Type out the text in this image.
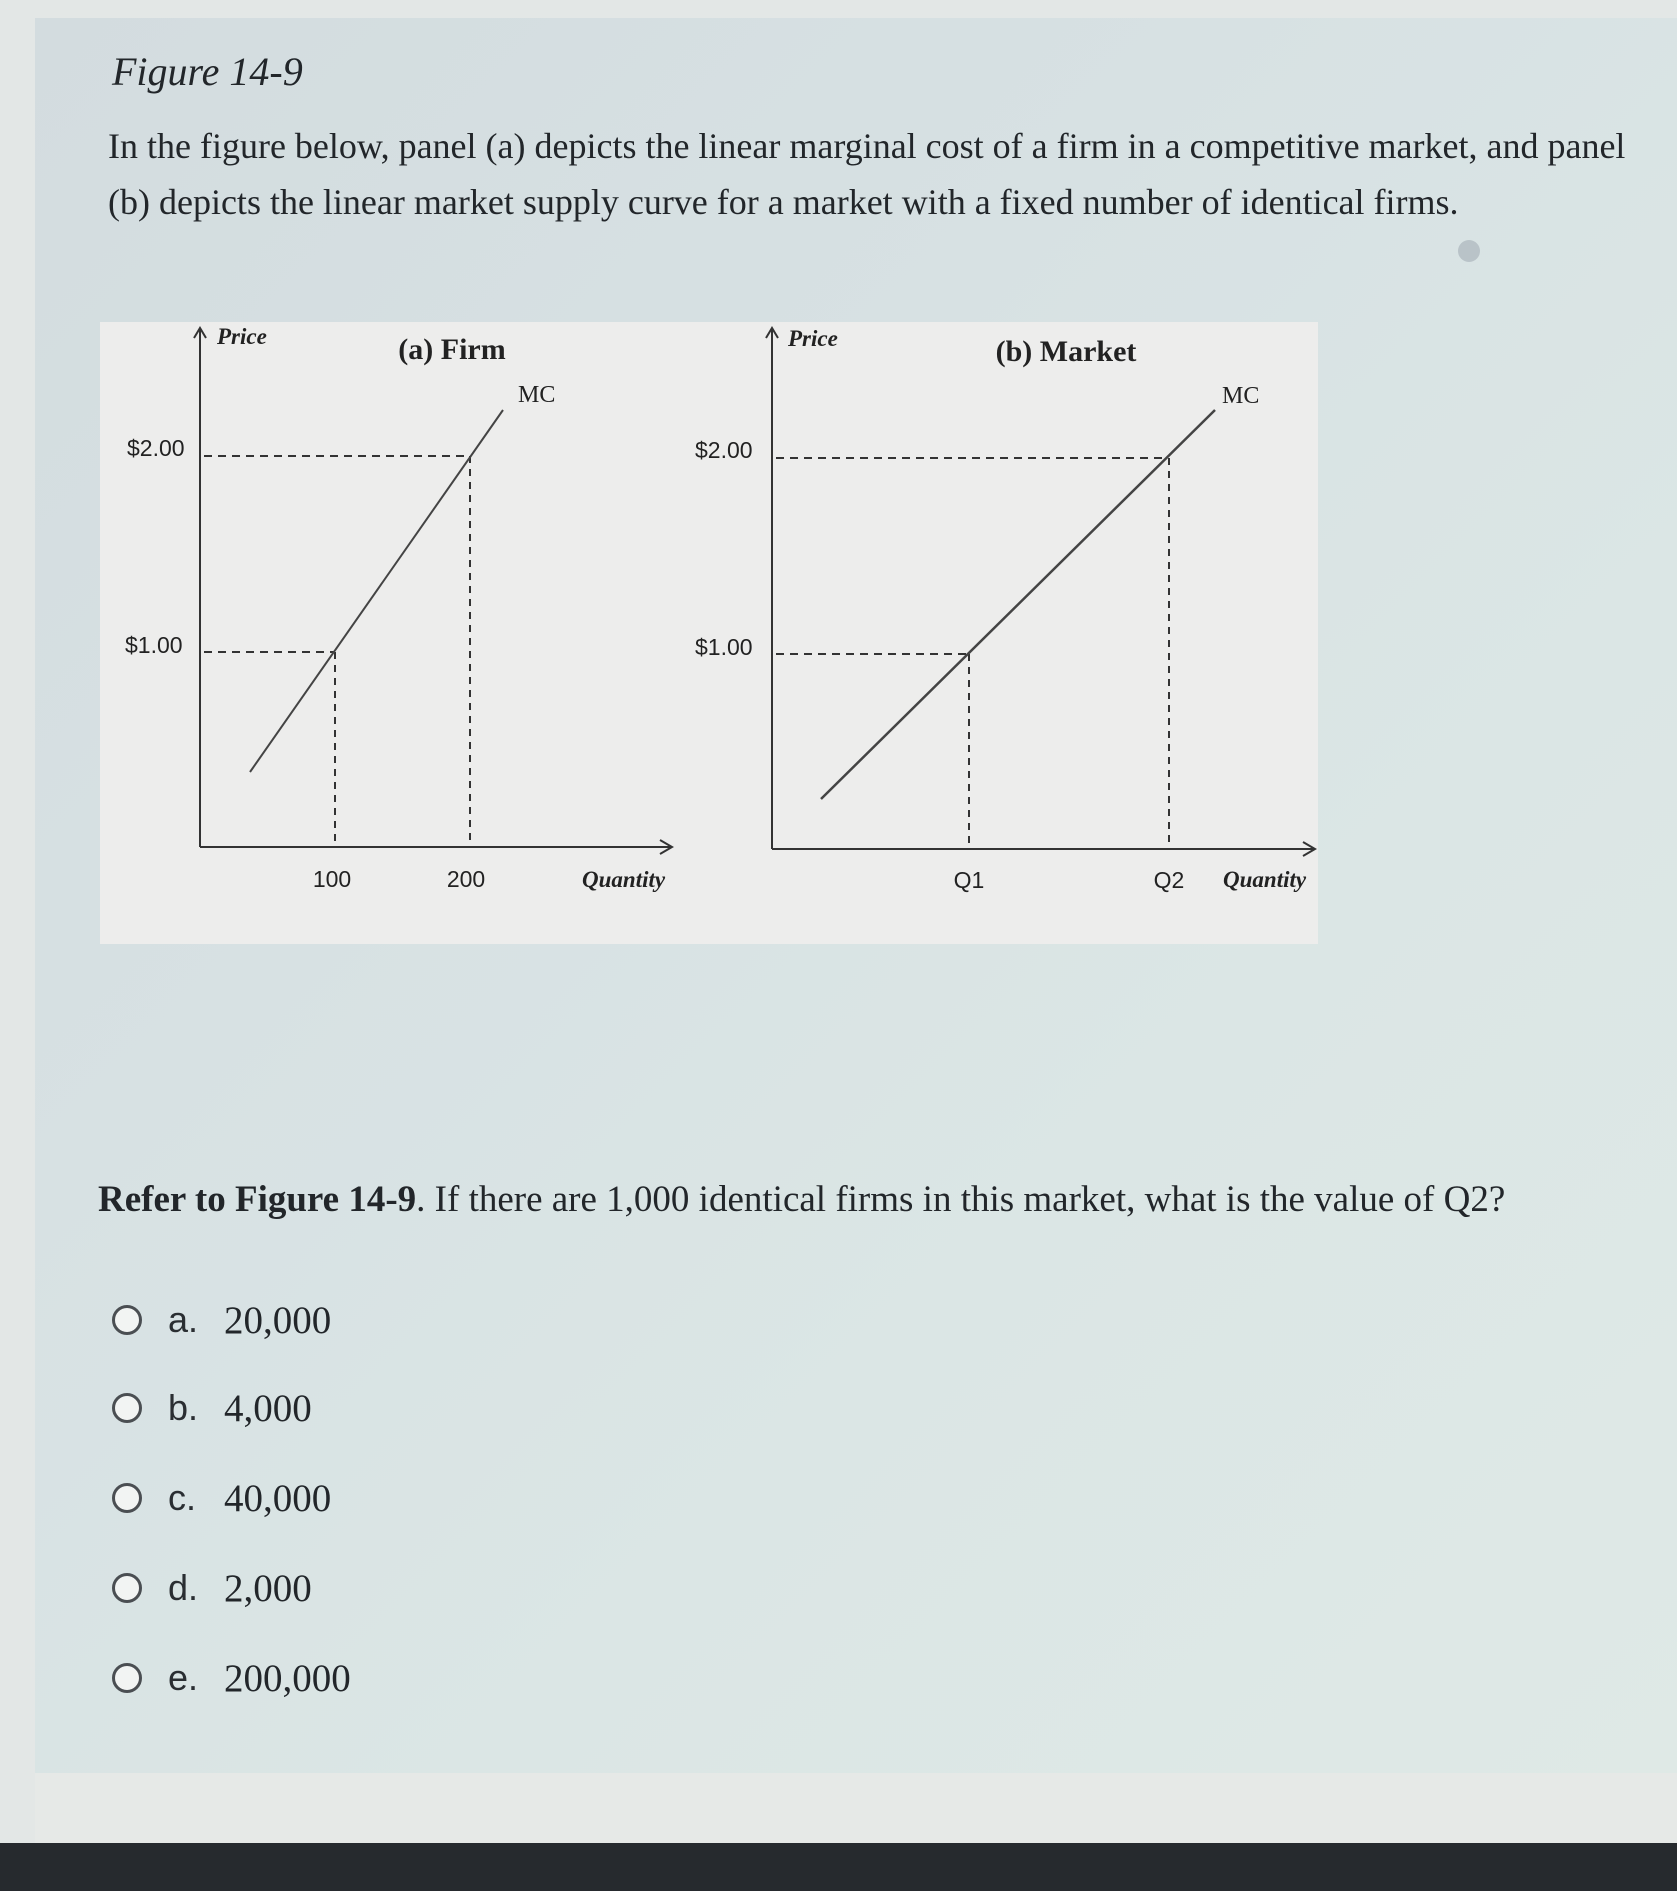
Figure 14-9

In the figure below, panel (a) depicts the linear marginal cost of a firm in a competitive market, and panel (b) depicts the linear market supply curve for a market with a fixed number of identical firms.

Price	(a) Firm
$2.00
$1.00
100	200	Quantity
MC
Price	(b) Market
$2.00
$1.00
Q1	Q2 Quantity
MC

Refer to Figure 14-9. If there are 1,000 identical firms in this market, what is the value of Q2?

a. 20,000
b. 4,000
c. 40,000
d. 2,000
e. 200,000
